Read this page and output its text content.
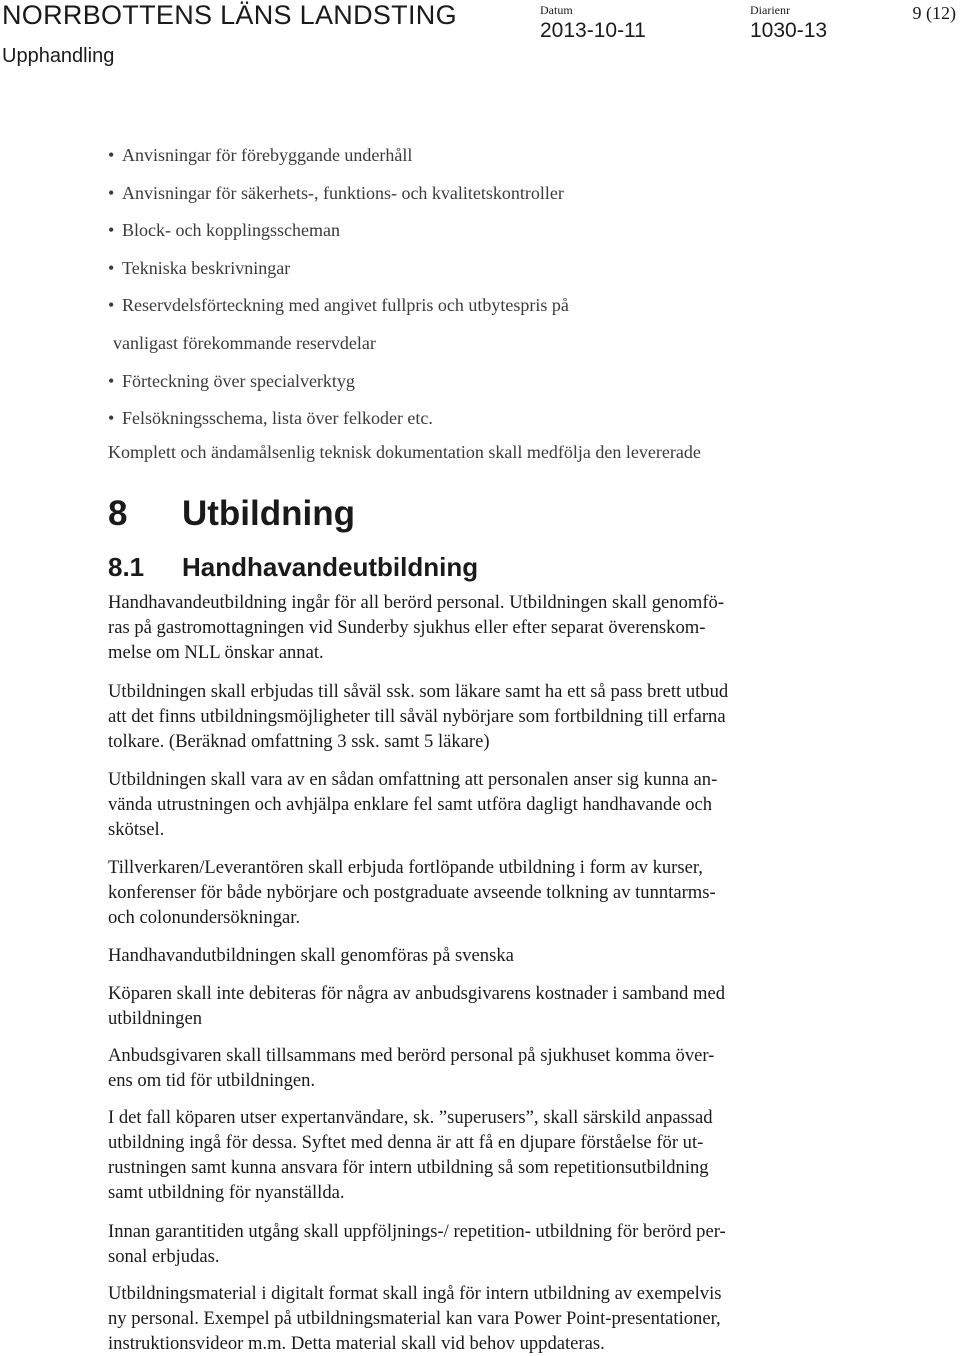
NORRBOTTENS LÄNS LANDSTING
Upphandling
Datum
2013-10-11
Diarienr
1030-13
9 (12)
• Anvisningar för förebyggande underhåll
• Anvisningar för säkerhets-, funktions- och kvalitetskontroller
• Block- och kopplingsscheman
• Tekniska beskrivningar
• Reservdelsförteckning med angivet fullpris och utbytespris på
vanligast förekommande reservdelar
• Förteckning över specialverktyg
• Felsökningsschema, lista över felkoder etc.

Komplett och ändamålsenlig teknisk dokumentation skall medfölja den levererade

8 Utbildning
8.1 Handhavandeutbildning

Handhavandeutbildning ingår för all berörd personal. Utbildningen skall genomfö-
ras på gastromottagningen vid Sunderby sjukhus eller efter separat överenskom-
melse om NLL önskar annat.

Utbildningen skall erbjudas till såväl ssk. som läkare samt ha ett så pass brett utbud
att det finns utbildningsmöjligheter till såväl nybörjare som fortbildning till erfarna
tolkare. (Beräknad omfattning 3 ssk. samt 5 läkare)

Utbildningen skall vara av en sådan omfattning att personalen anser sig kunna an-
vända utrustningen och avhjälpa enklare fel samt utföra dagligt handhavande och
skötsel.

Tillverkaren/Leverantören skall erbjuda fortlöpande utbildning i form av kurser,
konferenser för både nybörjare och postgraduate avseende tolkning av tunntarms-
och colonundersökningar.

Handhavandutbildningen skall genomföras på svenska

Köparen skall inte debiteras för några av anbudsgivarens kostnader i samband med
utbildningen

Anbudsgivaren skall tillsammans med berörd personal på sjukhuset komma över-
ens om tid för utbildningen.

I det fall köparen utser expertanvändare, sk. ”superusers”, skall särskild anpassad
utbildning ingå för dessa. Syftet med denna är att få en djupare förståelse för ut-
rustningen samt kunna ansvara för intern utbildning så som repetitionsutbildning
samt utbildning för nyanställda.

Innan garantitiden utgång skall uppföljnings-/ repetition- utbildning för berörd per-
sonal erbjudas.

Utbildningsmaterial i digitalt format skall ingå för intern utbildning av exempelvis
ny personal. Exempel på utbildningsmaterial kan vara Power Point-presentationer,
instruktionsvideor m.m. Detta material skall vid behov uppdateras.
